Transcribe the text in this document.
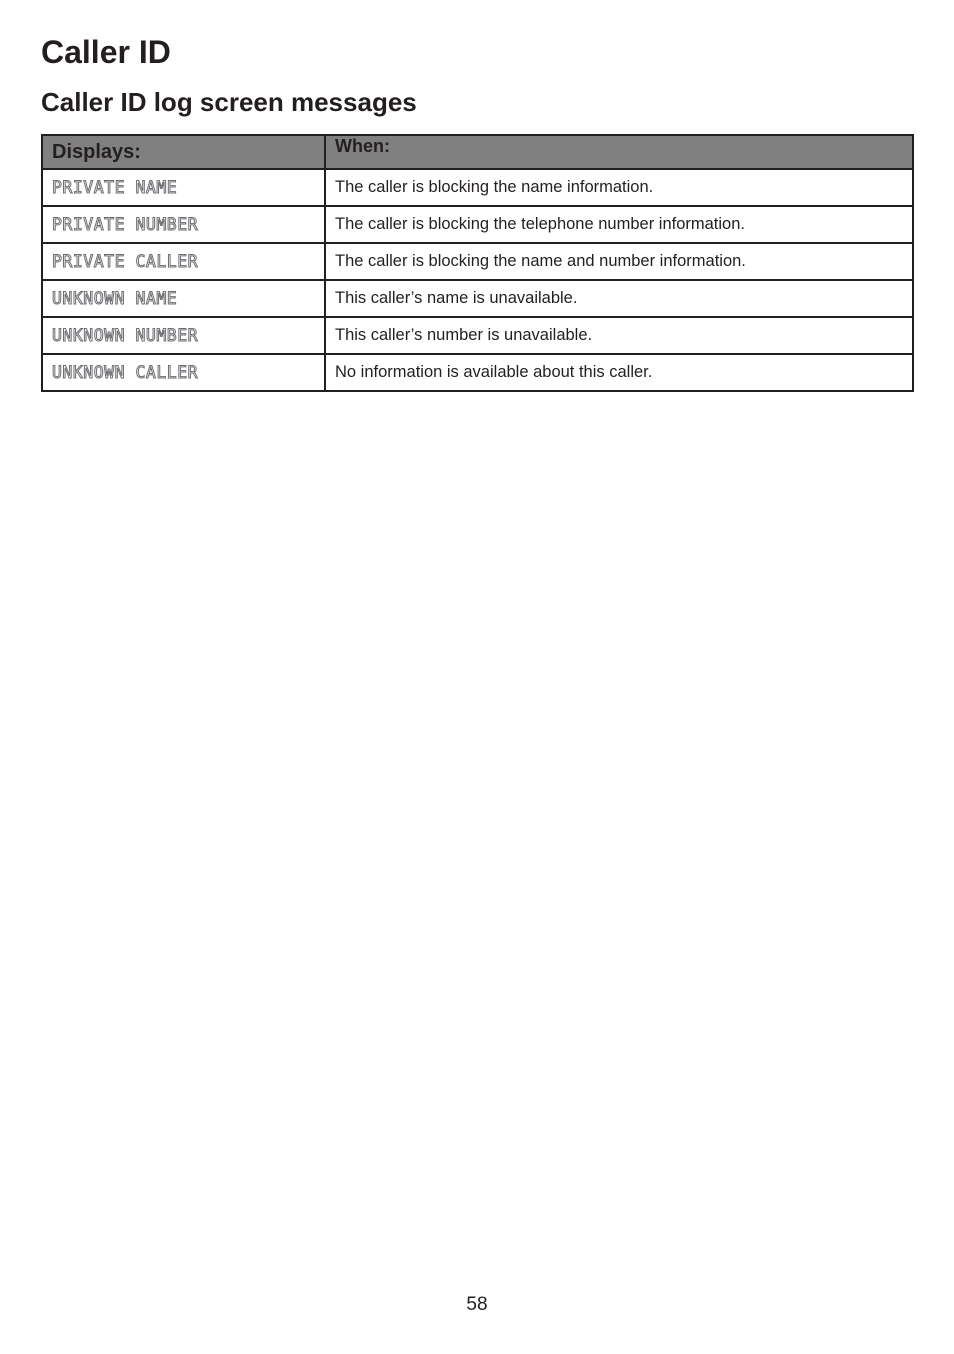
Caller ID
Caller ID log screen messages
Displays:	When:
PRIVATE NAME	The caller is blocking the name information.
PRIVATE NUMBER	The caller is blocking the telephone number information.
PRIVATE CALLER	The caller is blocking the name and number information.
UNKNOWN NAME	This caller’s name is unavailable.
UNKNOWN NUMBER	This caller’s number is unavailable.
UNKNOWN CALLER	No information is available about this caller.
58
